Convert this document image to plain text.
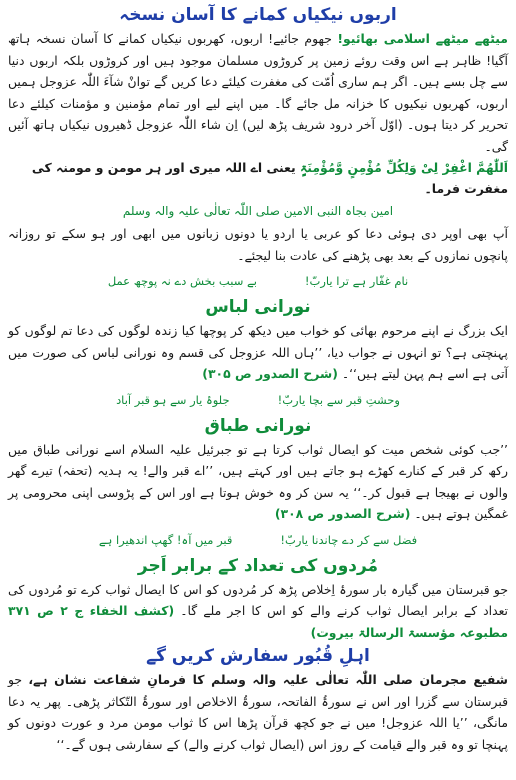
اربوں نیکیاں کمانے کا آسان نسخہ

میٹھے میٹھے اسلامی بھائیو! جھوم جائیے! اربوں، کھربوں نیکیاں کمانے کا آسان نسخہ ہاتھ آگیا! ظاہر ہے اس وقت روئے زمین پر کروڑوں مسلمان موجود ہیں اور کروڑوں بلکہ اربوں دنیا سے چل بسے ہیں۔ اگر ہم ساری اُمّت کی مغفرت کیلئے دعا کریں گے توانْ شآءَ اللّٰہ عزوجل ہمیں اربوں، کھربوں نیکیوں کا خزانہ مل جائے گا۔ میں اپنے لیے اور تمام مؤمنین و مؤمنات کیلئے دعا تحریر کر دیتا ہوں۔ (اوّل آخر درود شریف پڑھ لیں) اِن شاء اللّٰہ عزوجل ڈھیروں نیکیاں ہاتھ آئیں گی۔

اَللّٰھُمَّ اغْفِرْ لِیْ وَلِکُلِّ مُؤْمِنٍ وَّمُؤْمِنَۃٍ یعنی اے اللہ میری اور ہر مومن و مومنہ کی مغفرت فرما۔

امین بجاہ النبی الامین صلی اللّٰہ تعالٰی علیہ والہ وسلم

آپ بھی اوپر دی ہوئی دعا کو عربی یا اردو یا دونوں زبانوں میں ابھی اور ہو سکے تو روزانہ پانچوں نمازوں کے بعد بھی پڑھنے کی عادت بنا لیجئے۔

نام غفّار ہے ترا یاربّ!
بے سبب بخش دے نہ پوچھ عمل
نورانی لباس

ایک بزرگ نے اپنے مرحوم بھائی کو خواب میں دیکھ کر پوچھا کیا زندہ لوگوں کی دعا تم لوگوں کو پہنچتی ہے؟ تو انہوں نے جواب دیا، ’’ہاں اللہ عزوجل کی قسم وہ نورانی لباس کی صورت میں آتی ہے اسے ہم پہن لیتے ہیں‘‘۔ (شرح الصدور ص ۳۰۵)

وحشتِ قبر سے بچا یاربّ!
جلوۂ یار سے ہو قبر آباد
نورانی طباق

’’جب کوئی شخص میت کو ایصال ثواب کرتا ہے تو جبرئیل علیہ السلام اسے نورانی طباق میں رکھ کر قبر کے کنارے کھڑے ہو جاتے ہیں اور کہتے ہیں، ’’اے قبر والے! یہ ہدیہ (تحفہ) تیرے گھر والوں نے بھیجا ہے قبول کر۔‘‘ یہ سن کر وہ خوش ہوتا ہے اور اس کے پڑوسی اپنی محرومی پر غمگین ہوتے ہیں۔ (شرح الصدور ص ۳۰۸)

فضل سے کر دے چاندنا یاربّ!
قبر میں آہ! گھپ اندھیرا ہے
مُردوں کی تعداد کے برابر اَجر

جو قبرستان میں گیارہ بار سورۂ اِخلاص پڑھ کر مُردوں کو اس کا ایصال ثواب کرے تو مُردوں کی تعداد کے برابر ایصال ثواب کرنے والے کو اس کا اجر ملے گا۔ (کشف الخفاء ج ۲ ص ۳۷۱ مطبوعہ مؤسسۃ الرسالۃ بیروت)

اہلِ قُبُور سفارش کریں گے

شفیع مجرمان صلی اللّٰہ تعالٰی علیہ والہ وسلم کا فرمانِ شفاعت نشان ہے، جو قبرستان سے گزرا اور اس نے سورۃُ الفاتحہ، سورۃُ الاخلاص اور سورۃُ التّکاثر پڑھی۔ پھر یہ دعا مانگی، ’’یا اللہ عزوجل! میں نے جو کچھ قرآن پڑھا اس کا ثواب مومن مرد و عورت دونوں کو پہنچا تو وہ قبر والے قیامت کے روز اس (ایصال ثواب کرنے والے) کے سفارشی ہوں گے۔‘‘
